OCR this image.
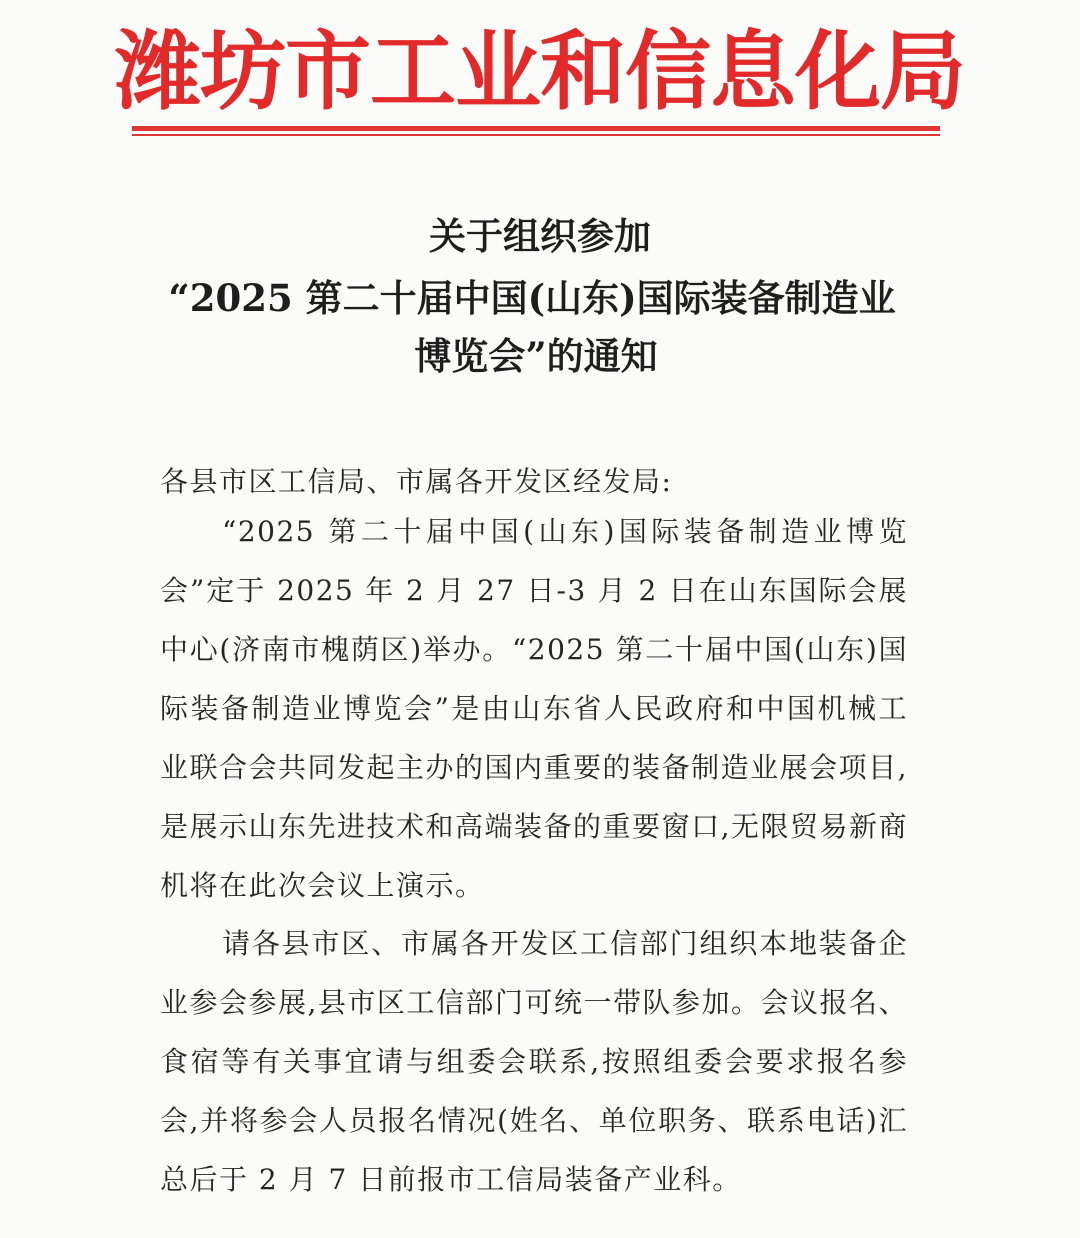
潍坊市工业和信息化局
关于组织参加
“2025 第二十届中国(山东)国际装备制造业
博览会”的通知
各县市区工信局、市属各开发区经发局:
“2025 第二十届中国(山东)国际装备制造业博览会”定于 2025 年 2 月 27 日-3 月 2 日在山东国际会展中心(济南市槐荫区)举办。“2025 第二十届中国(山东)国际装备制造业博览会”是由山东省人民政府和中国机械工业联合会共同发起主办的国内重要的装备制造业展会项目,是展示山东先进技术和高端装备的重要窗口,无限贸易新商机将在此次会议上演示。
请各县市区、市属各开发区工信部门组织本地装备企业参会参展,县市区工信部门可统一带队参加。会议报名、食宿等有关事宜请与组委会联系,按照组委会要求报名参会,并将参会人员报名情况(姓名、单位职务、联系电话)汇总后于 2 月 7 日前报市工信局装备产业科。
